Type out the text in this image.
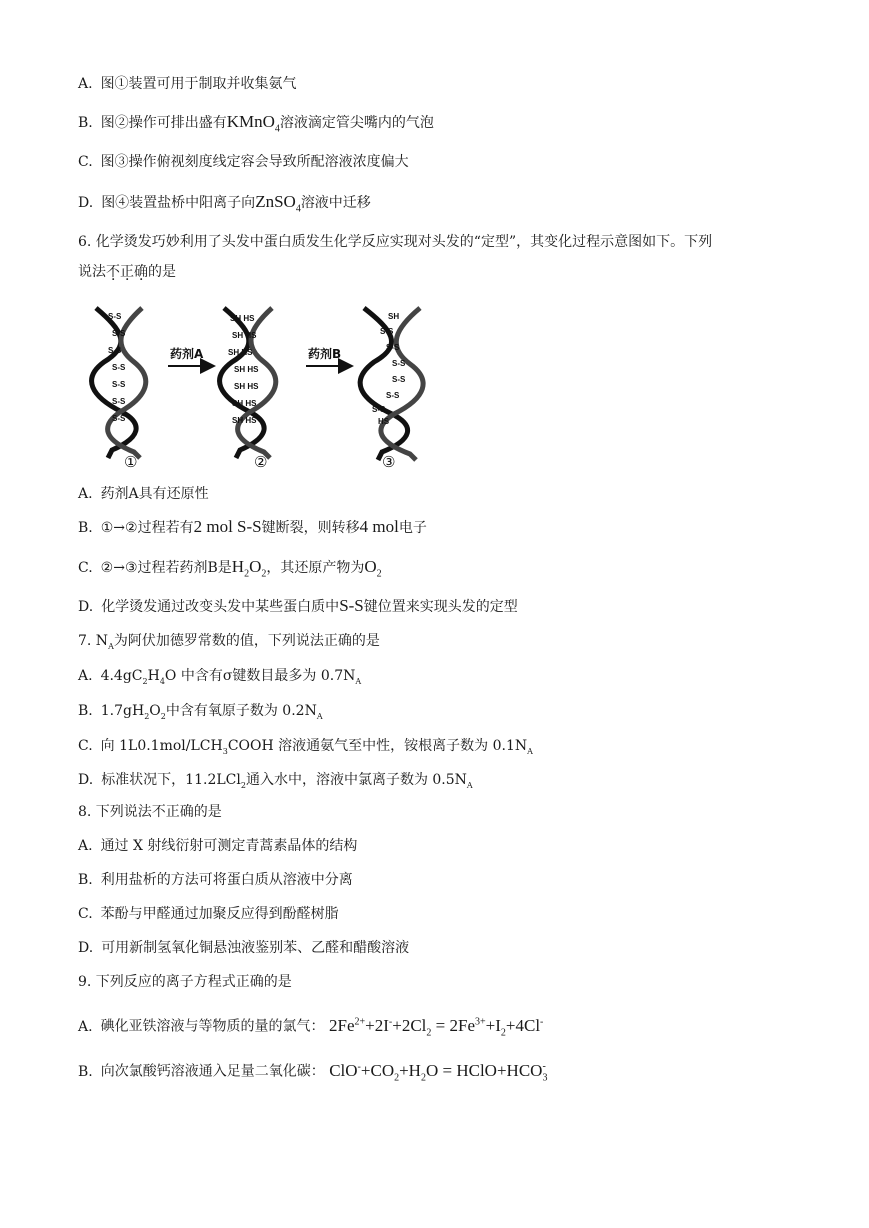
A. 图①装置可用于制取并收集氨气
B. 图②操作可排出盛有KMnO$_4$溶液滴定管尖嘴内的气泡
C. 图③操作俯视刻度线定容会导致所配溶液浓度偏大
D. 图④装置盐桥中阳离子向ZnSO$_4$溶液中迁移
6. 化学烫发巧妙利用了头发中蛋白质发生化学反应实现对头发的“定型”，其变化过程示意图如下。下列
说法不正确的是
S-S
S-S
S-S
S-S
S-S
S-S
S-S
药剂A	药剂B
SH HS
SH HS
SH HS
SH HS
SH HS
SH HS
SH HS
SH
S-S
S-S
S-S
S-S
S-S
S-S
HS
①	②	③
A. 药剂A具有还原性
B. ①→②过程若有2 mol S-S键断裂，则转移4 mol电子
C. ②→③过程若药剂B是$H_2O_2$，其还原产物为$O_2$
D. 化学烫发通过改变头发中某些蛋白质中S-S键位置来实现头发的定型
7. $N_A$为阿伏加德罗常数的值，下列说法正确的是
A. $4.4gC_2H_4O$ 中含有σ键数目最多为 $0.7N_A$
B. $1.7gH_2O_2$中含有氧原子数为 $0.2N_A$
C. 向 $1L0.1mol/LCH_3COOH$ 溶液通氨气至中性，铵根离子数为 $0.1N_A$
D. 标准状况下，11.2LCl$_2$通入水中，溶液中氯离子数为 $0.5N_A$
8. 下列说法不正确的是
A. 通过 X 射线衍射可测定青蒿素晶体的结构
B. 利用盐析的方法可将蛋白质从溶液中分离
C. 苯酚与甲醛通过加聚反应得到酚醛树脂
D. 可用新制氢氧化铜悬浊液鉴别苯、乙醛和醋酸溶液
9. 下列反应的离子方程式正确的是
A. 碘化亚铁溶液与等物质的量的氯气： $2Fe^{2+}+2I^-+2Cl_2 = 2Fe^{3+}+I_2+4Cl^-$
B. 向次氯酸钙溶液通入足量二氧化碳： $ClO^-+CO_2+H_2O$ = $HClO+HCO_3^-$
